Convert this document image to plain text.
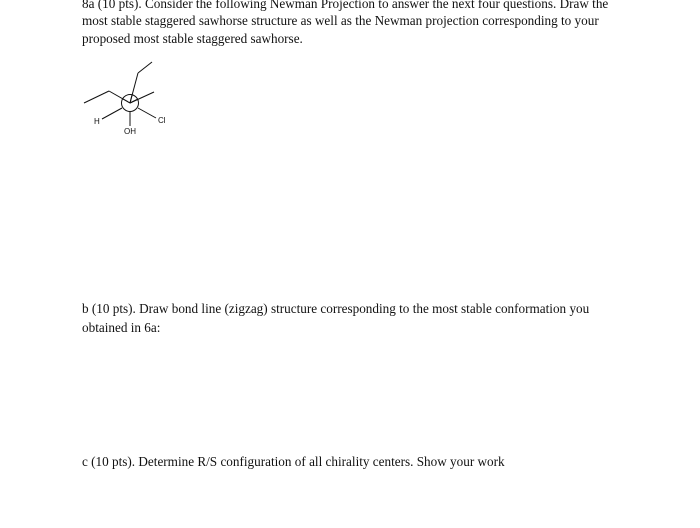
8a (10 pts). Consider the following Newman Projection to answer the next four questions. Draw the most stable staggered sawhorse structure as well as the Newman projection corresponding to your proposed most stable staggered sawhorse.

H
OH
Cl

b (10 pts). Draw bond line (zigzag) structure corresponding to the most stable conformation you obtained in 6a:

c (10 pts). Determine R/S configuration of all chirality centers. Show your work
